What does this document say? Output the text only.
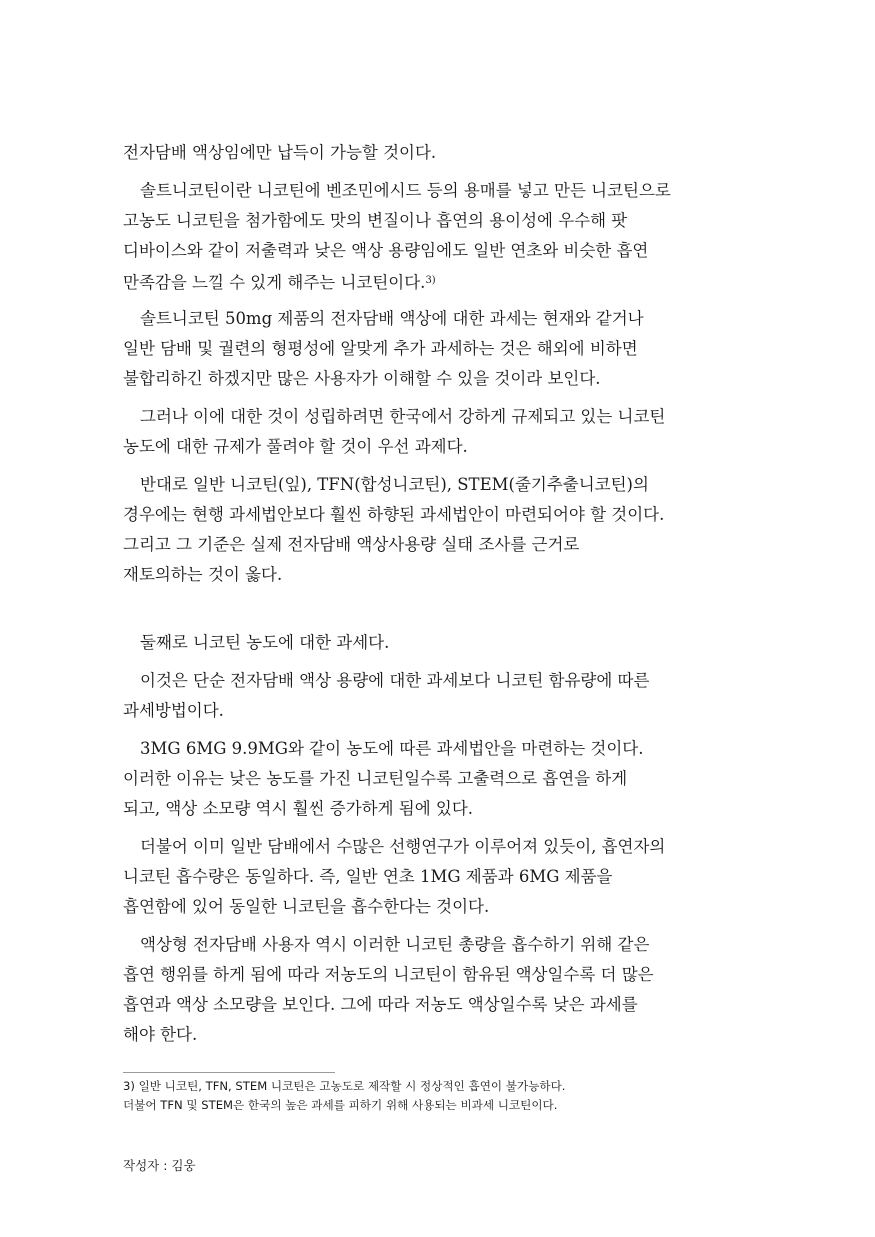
전자담배 액상임에만 납득이 가능할 것이다.
솔트니코틴이란 니코틴에 벤조민에시드 등의 용매를 넣고 만든 니코틴으로
고농도 니코틴을 첨가함에도 맛의 변질이나 흡연의 용이성에 우수해 팟
디바이스와 같이 저출력과 낮은 액상 용량임에도 일반 연초와 비슷한 흡연
만족감을 느낄 수 있게 해주는 니코틴이다.$^{3)}$
솔트니코틴 50mg 제품의 전자담배 액상에 대한 과세는 현재와 같거나
일반 담배 및 궐련의 형평성에 알맞게 추가 과세하는 것은 해외에 비하면
불합리하긴 하겠지만 많은 사용자가 이해할 수 있을 것이라 보인다.
그러나 이에 대한 것이 성립하려면 한국에서 강하게 규제되고 있는 니코틴
농도에 대한 규제가 풀려야 할 것이 우선 과제다.
반대로 일반 니코틴(잎), TFN(합성니코틴), STEM(줄기추출니코틴)의
경우에는 현행 과세법안보다 훨씬 하향된 과세법안이 마련되어야 할 것이다.
그리고 그 기준은 실제 전자담배 액상사용량 실태 조사를 근거로
재토의하는 것이 옳다.
둘째로 니코틴 농도에 대한 과세다.
이것은 단순 전자담배 액상 용량에 대한 과세보다 니코틴 함유량에 따른
과세방법이다.
3MG 6MG 9.9MG와 같이 농도에 따른 과세법안을 마련하는 것이다.
이러한 이유는 낮은 농도를 가진 니코틴일수록 고출력으로 흡연을 하게
되고, 액상 소모량 역시 훨씬 증가하게 됨에 있다.
더불어 이미 일반 담배에서 수많은 선행연구가 이루어져 있듯이, 흡연자의
니코틴 흡수량은 동일하다. 즉, 일반 연초 1MG 제품과 6MG 제품을
흡연함에 있어 동일한 니코틴을 흡수한다는 것이다.
액상형 전자담배 사용자 역시 이러한 니코틴 총량을 흡수하기 위해 같은
흡연 행위를 하게 됨에 따라 저농도의 니코틴이 함유된 액상일수록 더 많은
흡연과 액상 소모량을 보인다. 그에 따라 저농도 액상일수록 낮은 과세를
해야 한다.
3) 일반 니코틴, TFN, STEM 니코틴은 고농도로 제작할 시 정상적인 흡연이 불가능하다.
더불어 TFN 및 STEM은 한국의 높은 과세를 피하기 위해 사용되는 비과세 니코틴이다.
작성자 : 김웅
